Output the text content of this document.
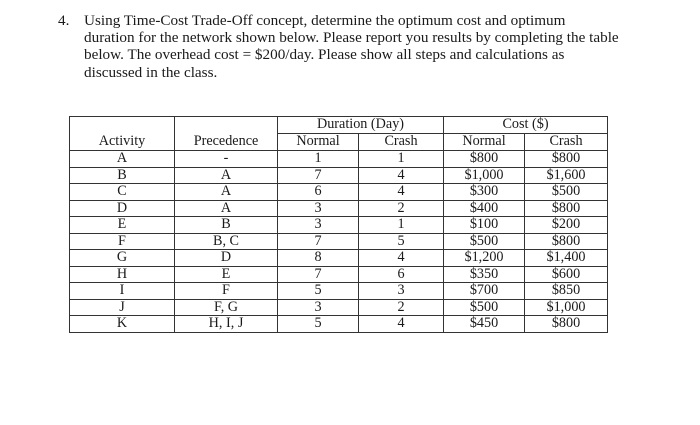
4. Using Time-Cost Trade-Off concept, determine the optimum cost and optimum
duration for the network shown below. Please report you results by completing the table
below. The overhead cost = $200/day. Please show all steps and calculations as
discussed in the class.
		Duration (Day)		Cost ($)	
Activity	Precedence	Normal	Crash	Normal	Crash
A	-	1	1	$800	$800
B	A	7	4	$1,000	$1,600
C	A	6	4	$300	$500
D	A	3	2	$400	$800
E	B	3	1	$100	$200
F	B, C	7	5	$500	$800
G	D	8	4	$1,200	$1,400
H	E	7	6	$350	$600
I	F	5	3	$700	$850
J	F, G	3	2	$500	$1,000
K	H, I, J	5	4	$450	$800
